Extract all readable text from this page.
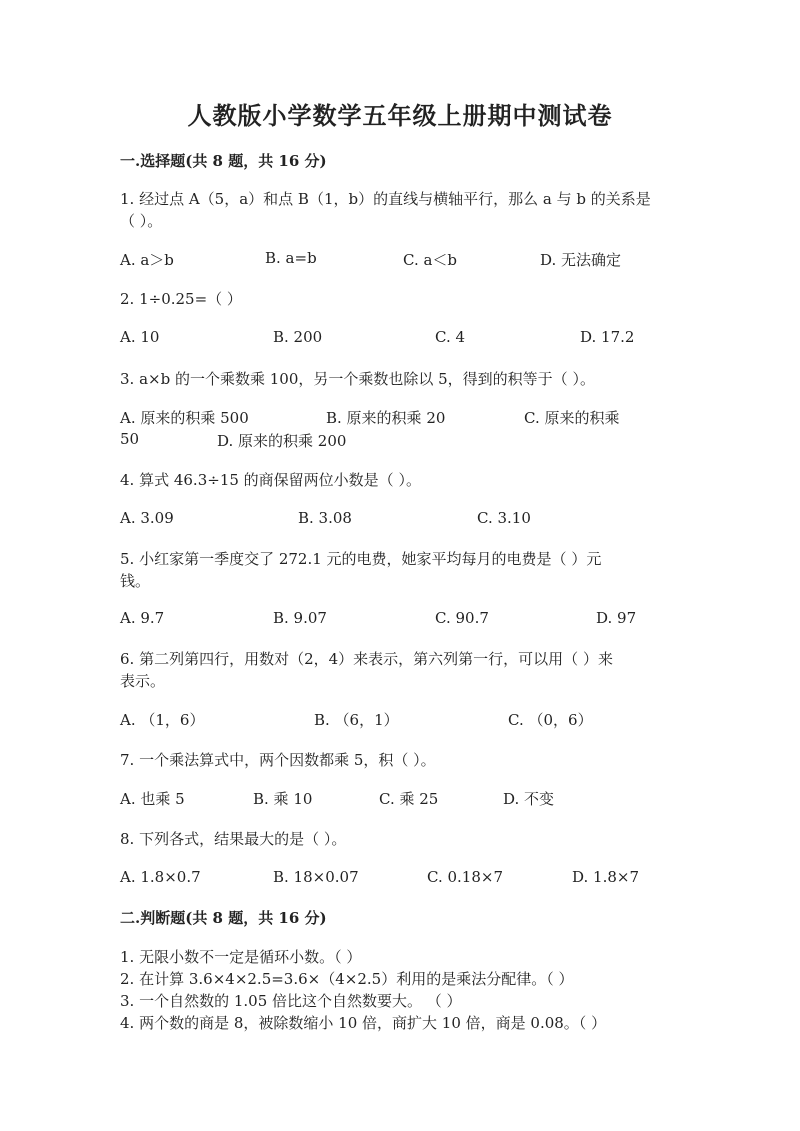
人教版小学数学五年级上册期中测试卷
一.选择题(共 8 题，共 16 分)
1. 经过点 A（5，a）和点 B（1，b）的直线与横轴平行，那么 a 与 b 的关系是
（ ）。
A. a＞b	B. a=b	C. a＜b	D. 无法确定
2. 1÷0.25=（ ）
A. 10	B. 200	C. 4	D. 17.2
3. a×b 的一个乘数乘 100，另一个乘数也除以 5，得到的积等于（ ）。
A. 原来的积乘 500	B. 原来的积乘 20	C. 原来的积乘
50	D. 原来的积乘 200
4. 算式 46.3÷15 的商保留两位小数是（ ）。
A. 3.09	B. 3.08	C. 3.10
5. 小红家第一季度交了 272.1 元的电费，她家平均每月的电费是（ ）元
钱。
A. 9.7	B. 9.07	C. 90.7	D. 97
6. 第二列第四行，用数对（2，4）来表示，第六列第一行，可以用（ ）来
表示。
A. （1，6）	B. （6，1）	C. （0，6）
7. 一个乘法算式中，两个因数都乘 5，积（ ）。
A. 也乘 5	B. 乘 10	C. 乘 25	D. 不变
8. 下列各式，结果最大的是（ ）。
A. 1.8×0.7	B. 18×0.07	C. 0.18×7	D. 1.8×7
二.判断题(共 8 题，共 16 分)
1. 无限小数不一定是循环小数。（ ）
2. 在计算 3.6×4×2.5=3.6×（4×2.5）利用的是乘法分配律。（ ）
3. 一个自然数的 1.05 倍比这个自然数要大。 （ ）
4. 两个数的商是 8，被除数缩小 10 倍，商扩大 10 倍，商是 0.08。（ ）
